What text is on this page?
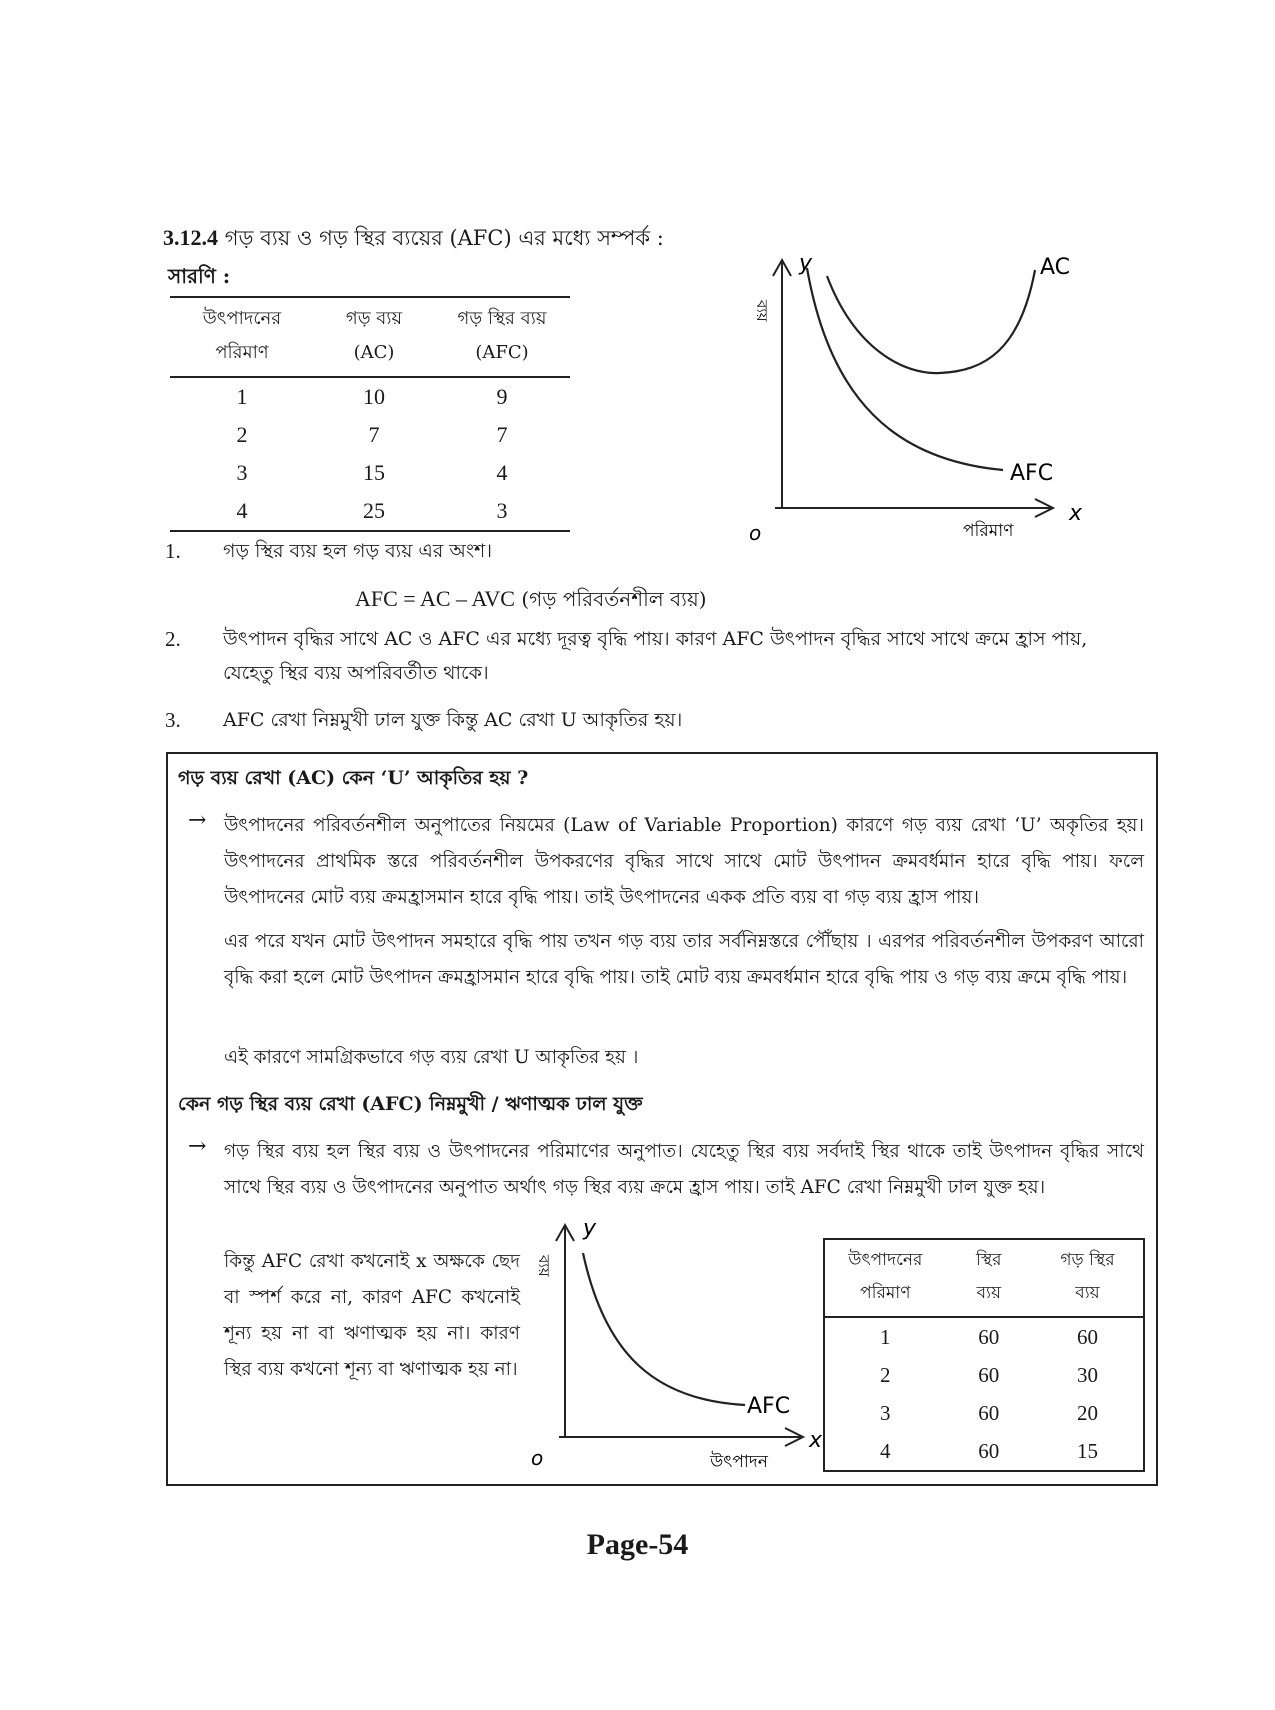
3.12.4 গড় ব্যয় ও গড় স্থির ব্যয়ের (AFC) এর মধ্যে সম্পর্ক :
সারণি :
উৎপাদনের পরিমাণ	গড় ব্যয় (AC)	গড় স্থির ব্যয় (AFC)

1	10	9
2	7	7
3	15	4
4	25	3
y
x
o
ব্যয়
পরিমাণ
AC
AFC
1. গড় স্থির ব্যয় হল গড় ব্যয় এর অংশ।
AFC = AC – AVC (গড় পরিবর্তনশীল ব্যয়)
2. উৎপাদন বৃদ্ধির সাথে AC ও AFC এর মধ্যে দূরত্ব বৃদ্ধি পায়। কারণ AFC উৎপাদন বৃদ্ধির সাথে সাথে ক্রমে হ্রাস পায়, যেহেতু স্থির ব্যয় অপরিবর্তীত থাকে।
3. AFC রেখা নিম্নমুখী ঢাল যুক্ত কিন্তু AC রেখা U আকৃতির হয়।
গড় ব্যয় রেখা (AC) কেন ‘U’ আকৃতির হয় ?
→ উৎপাদনের পরিবর্তনশীল অনুপাতের নিয়মের (Law of Variable Proportion) কারণে গড় ব্যয় রেখা ‘U’ অকৃতির হয়। উৎপাদনের প্রাথমিক স্তরে পরিবর্তনশীল উপকরণের বৃদ্ধির সাথে সাথে মোট উৎপাদন ক্রমবর্ধমান হারে বৃদ্ধি পায়। ফলে উৎপাদনের মোট ব্যয় ক্রমহ্রাসমান হারে বৃদ্ধি পায়। তাই উৎপাদনের একক প্রতি ব্যয় বা গড় ব্যয় হ্রাস পায়।
এর পরে যখন মোট উৎপাদন সমহারে বৃদ্ধি পায় তখন গড় ব্যয় তার সর্বনিম্নস্তরে পৌঁছায় । এরপর পরিবর্তনশীল উপকরণ আরো বৃদ্ধি করা হলে মোট উৎপাদন ক্রমহ্রাসমান হারে বৃদ্ধি পায়। তাই মোট ব্যয় ক্রমবর্ধমান হারে বৃদ্ধি পায় ও গড় ব্যয় ক্রমে বৃদ্ধি পায়।
এই কারণে সামগ্রিকভাবে গড় ব্যয় রেখা U আকৃতির হয় ।
কেন গড় স্থির ব্যয় রেখা (AFC) নিম্নমুখী / ঋণাত্মক ঢাল যুক্ত
→ গড় স্থির ব্যয় হল স্থির ব্যয় ও উৎপাদনের পরিমাণের অনুপাত। যেহেতু স্থির ব্যয় সর্বদাই স্থির থাকে তাই উৎপাদন বৃদ্ধির সাথে সাথে স্থির ব্যয় ও উৎপাদনের অনুপাত অর্থাৎ গড় স্থির ব্যয় ক্রমে হ্রাস পায়। তাই AFC রেখা নিম্নমুখী ঢাল যুক্ত হয়।
কিন্তু AFC রেখা কখনোই x অক্ষকে ছেদ বা স্পর্শ করে না, কারণ AFC কখনোই শূন্য হয় না বা ঋণাত্মক হয় না। কারণ স্থির ব্যয় কখনো শূন্য বা ঋণাত্মক হয় না।
y
x
o
ব্যয়
উৎপাদন
AFC
উৎপাদনের পরিমাণ	স্থির ব্যয়	গড় স্থির ব্যয়

1	60	60
2	60	30
3	60	20
4	60	15
Page-54
